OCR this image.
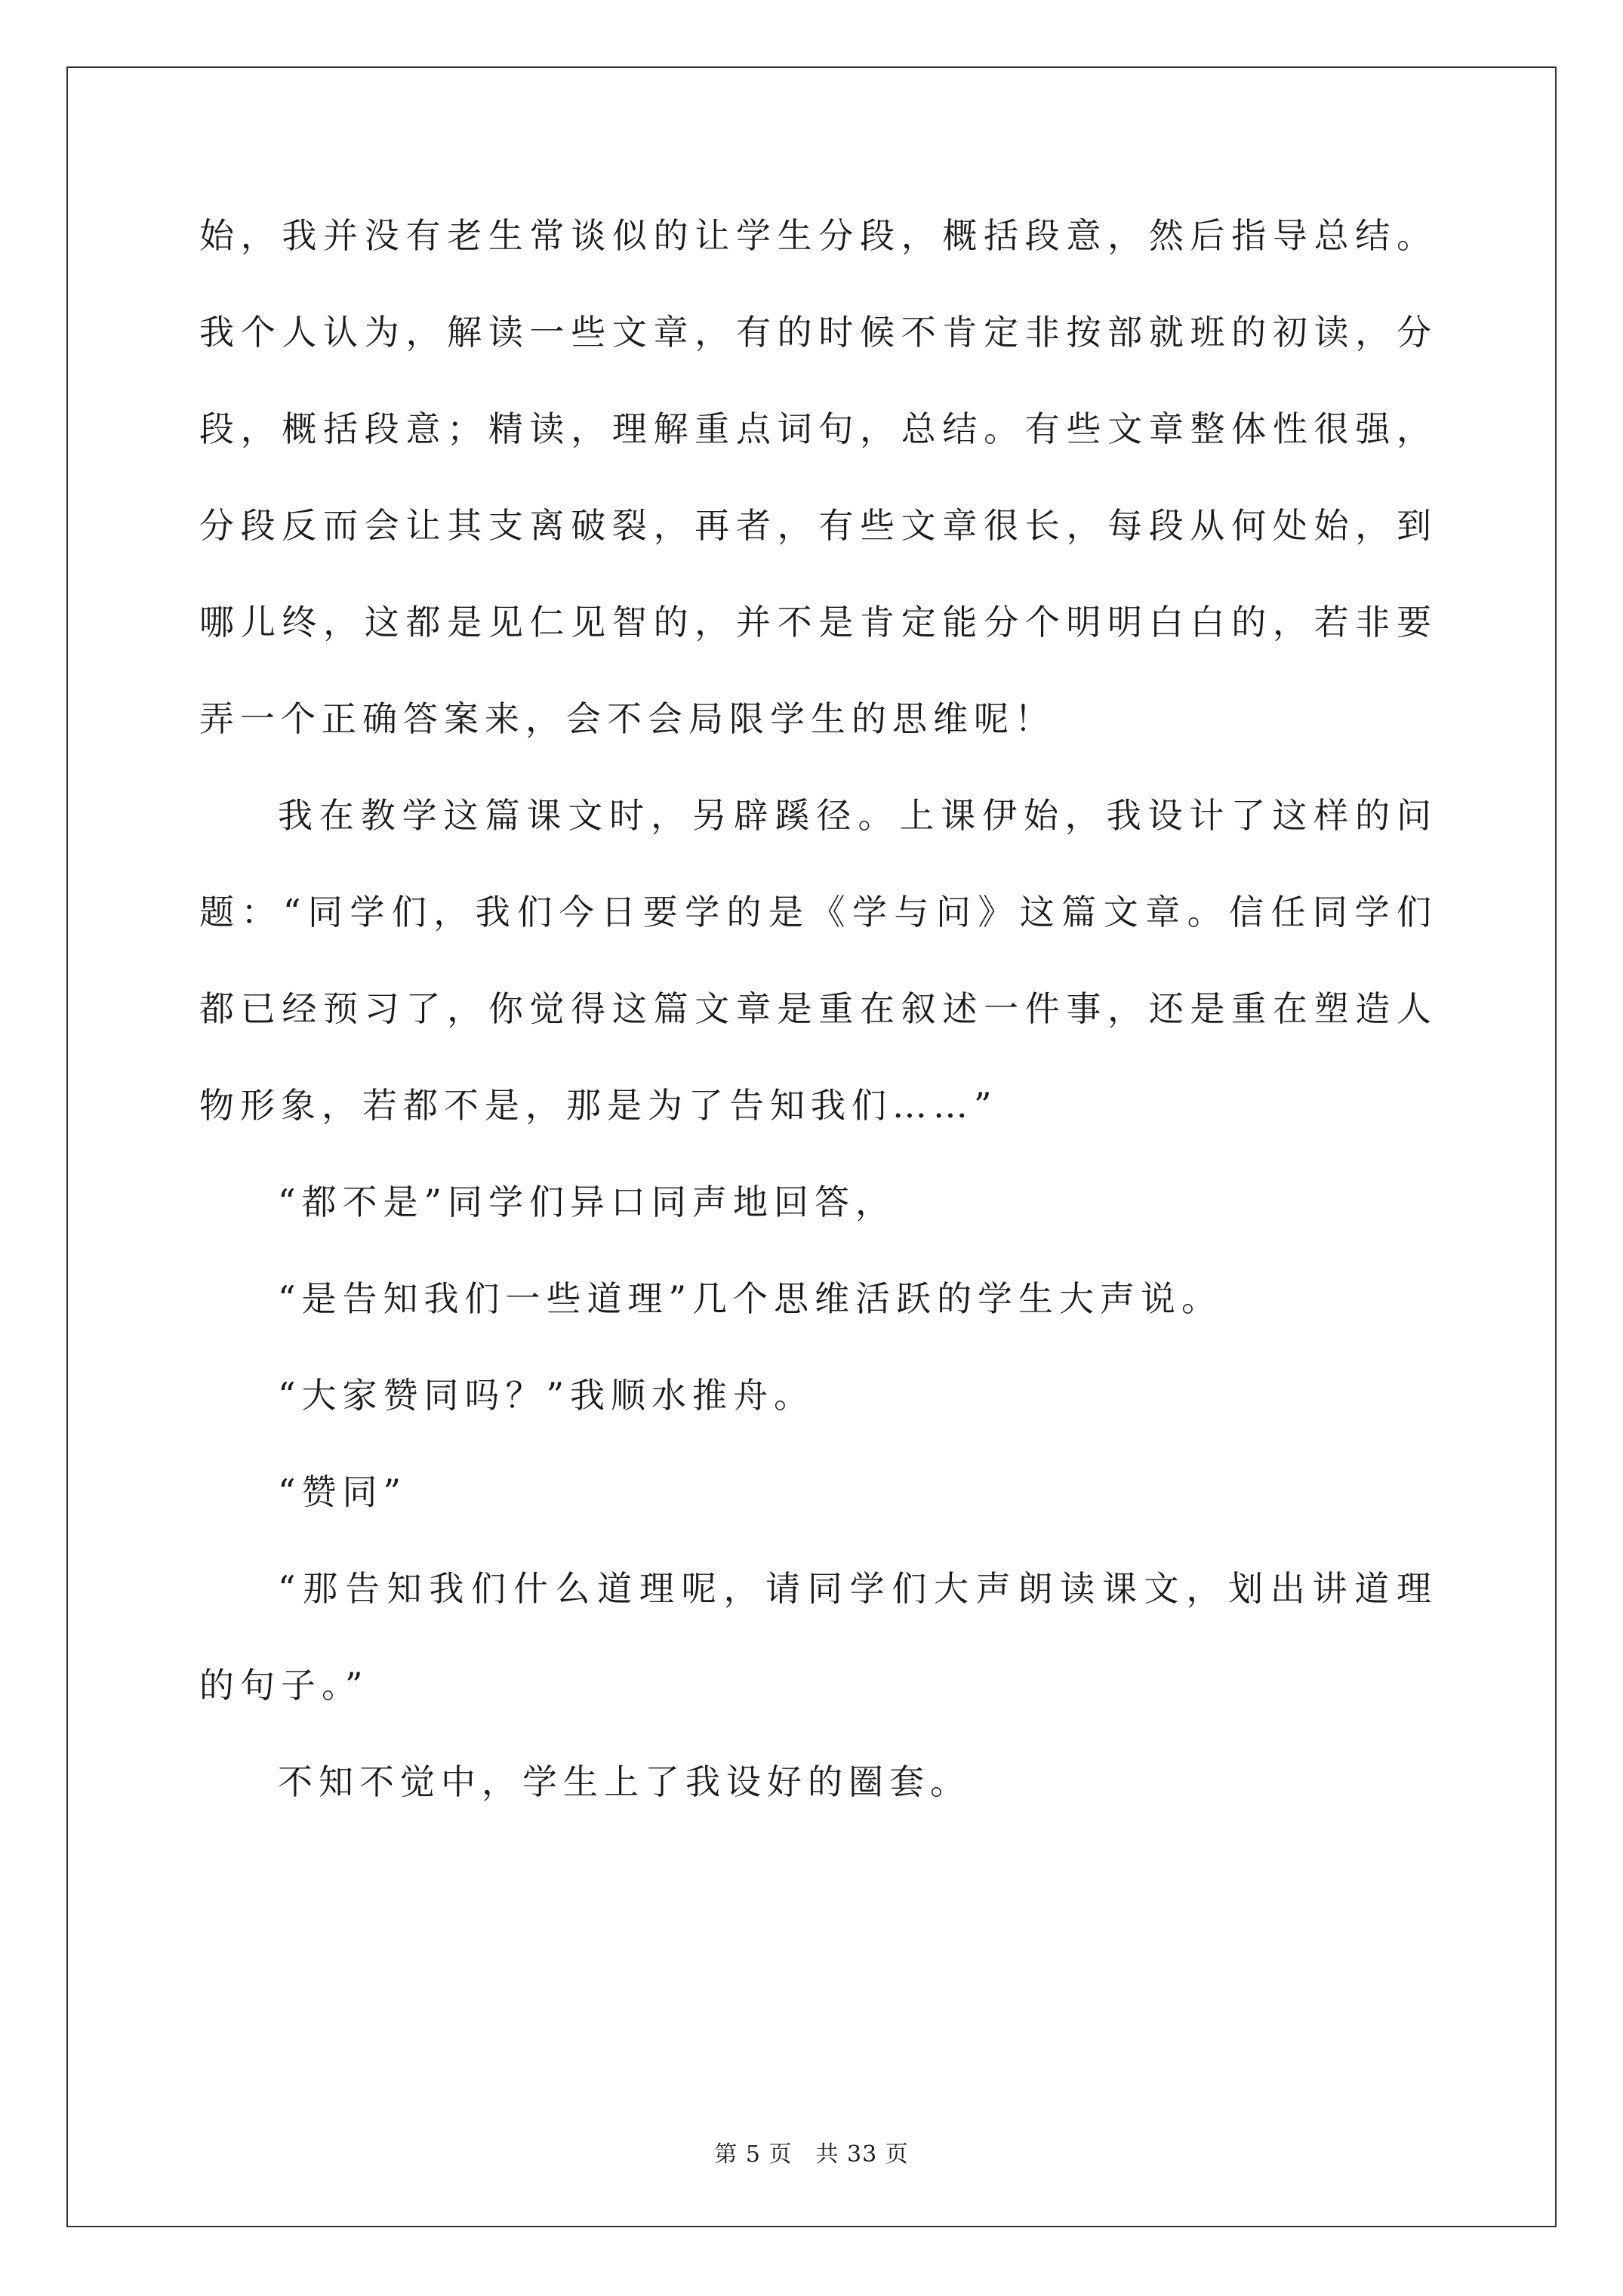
始，我并没有老生常谈似的让学生分段，概括段意，然后指导总结。
我个人认为，解读一些文章，有的时候不肯定非按部就班的初读，分
段，概括段意；精读，理解重点词句，总结。有些文章整体性很强，
分段反而会让其支离破裂，再者，有些文章很长，每段从何处始，到
哪儿终，这都是见仁见智的，并不是肯定能分个明明白白的，若非要
弄一个正确答案来，会不会局限学生的思维呢！
我在教学这篇课文时，另辟蹊径。上课伊始，我设计了这样的问
题：“同学们，我们今日要学的是《学与问》这篇文章。信任同学们
都已经预习了，你觉得这篇文章是重在叙述一件事，还是重在塑造人
物形象，若都不是，那是为了告知我们……”
“都不是”同学们异口同声地回答，
“是告知我们一些道理”几个思维活跃的学生大声说。
“大家赞同吗？”我顺水推舟。
“赞同”
“那告知我们什么道理呢，请同学们大声朗读课文，划出讲道理
的句子。”
不知不觉中，学生上了我设好的圈套。
第 5 页　共 33 页
